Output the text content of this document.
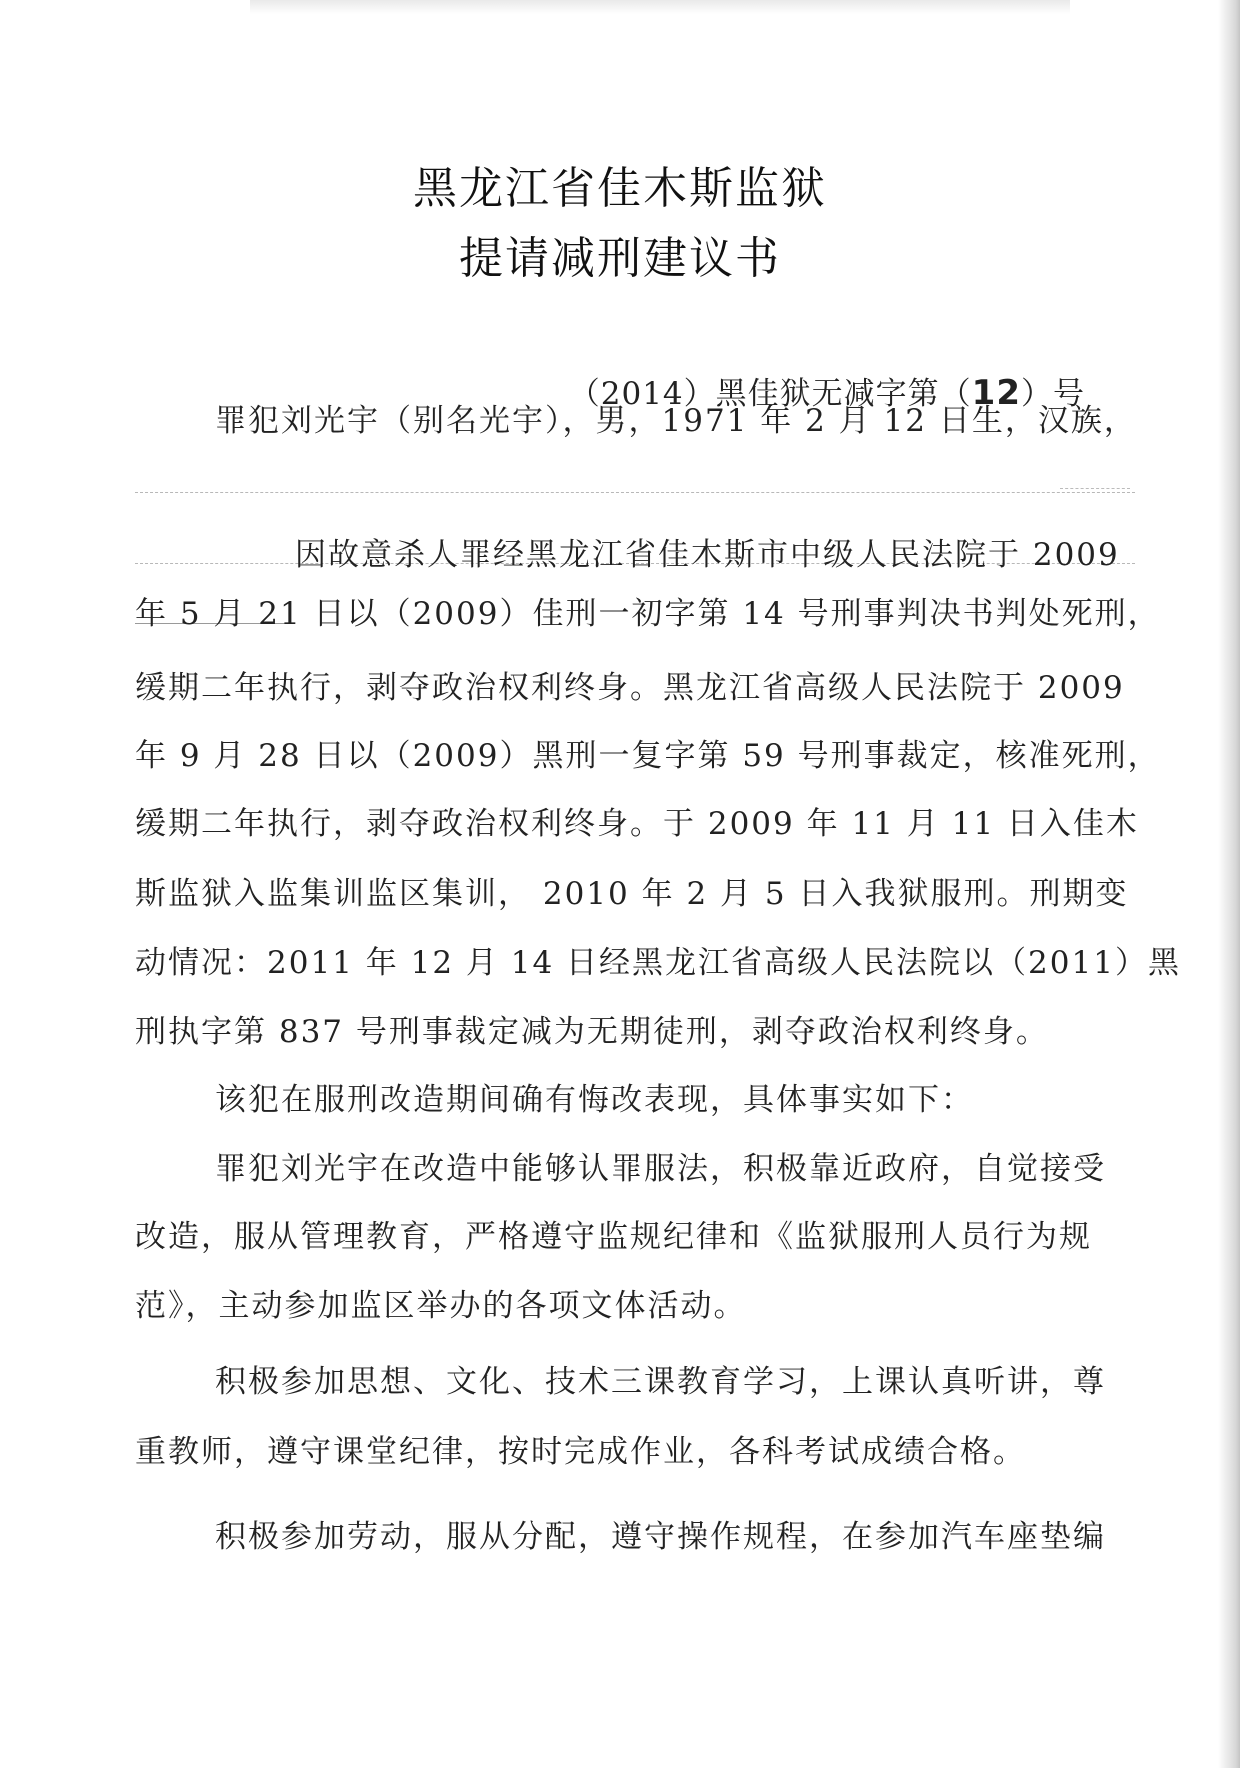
黑龙江省佳木斯监狱
提请减刑建议书
（2014）黑佳狱无减字第（12）号
罪犯刘光宇（别名光宇），男，1971 年 2 月 12 日生，汉族，
因故意杀人罪经黑龙江省佳木斯市中级人民法院于 2009
年 5 月 21 日以（2009）佳刑一初字第 14 号刑事判决书判处死刑，
缓期二年执行，剥夺政治权利终身。黑龙江省高级人民法院于 2009
年 9 月 28 日以（2009）黑刑一复字第 59 号刑事裁定，核准死刑，
缓期二年执行，剥夺政治权利终身。于 2009 年 11 月 11 日入佳木
斯监狱入监集训监区集训， 2010 年 2 月 5 日入我狱服刑。刑期变
动情况：2011 年 12 月 14 日经黑龙江省高级人民法院以（2011）黑
刑执字第 837 号刑事裁定减为无期徒刑，剥夺政治权利终身。
该犯在服刑改造期间确有悔改表现，具体事实如下：
罪犯刘光宇在改造中能够认罪服法，积极靠近政府，自觉接受
改造，服从管理教育，严格遵守监规纪律和《监狱服刑人员行为规
范》，主动参加监区举办的各项文体活动。
积极参加思想、文化、技术三课教育学习，上课认真听讲，尊
重教师，遵守课堂纪律，按时完成作业，各科考试成绩合格。
积极参加劳动，服从分配，遵守操作规程，在参加汽车座垫编
